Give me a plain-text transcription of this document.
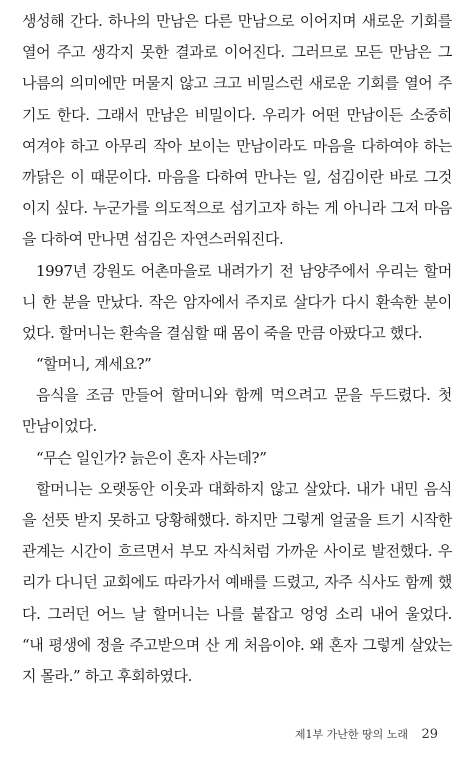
생성해 간다. 하나의 만남은 다른 만남으로 이어지며 새로운 기회를
열어 주고 생각지 못한 결과로 이어진다. 그러므로 모든 만남은 그
나름의 의미에만 머물지 않고 크고 비밀스런 새로운 기회를 열어 주
기도 한다. 그래서 만남은 비밀이다. 우리가 어떤 만남이든 소중히
여겨야 하고 아무리 작아 보이는 만남이라도 마음을 다하여야 하는
까닭은 이 때문이다. 마음을 다하여 만나는 일, 섬김이란 바로 그것
이지 싶다. 누군가를 의도적으로 섬기고자 하는 게 아니라 그저 마음
을 다하여 만나면 섬김은 자연스러워진다.
1997년 강원도 어촌마을로 내려가기 전 남양주에서 우리는 할머
니 한 분을 만났다. 작은 암자에서 주지로 살다가 다시 환속한 분이
었다. 할머니는 환속을 결심할 때 몸이 죽을 만큼 아팠다고 했다.
“할머니, 계세요?”
음식을 조금 만들어 할머니와 함께 먹으려고 문을 두드렸다. 첫
만남이었다.
“무슨 일인가? 늙은이 혼자 사는데?”
할머니는 오랫동안 이웃과 대화하지 않고 살았다. 내가 내민 음식
을 선뜻 받지 못하고 당황해했다. 하지만 그렇게 얼굴을 트기 시작한
관계는 시간이 흐르면서 부모 자식처럼 가까운 사이로 발전했다. 우
리가 다니던 교회에도 따라가서 예배를 드렸고, 자주 식사도 함께 했
다. 그러던 어느 날 할머니는 나를 붙잡고 엉엉 소리 내어 울었다.
“내 평생에 정을 주고받으며 산 게 처음이야. 왜 혼자 그렇게 살았는
지 몰라.” 하고 후회하였다.
제1부 가난한 땅의 노래 29
